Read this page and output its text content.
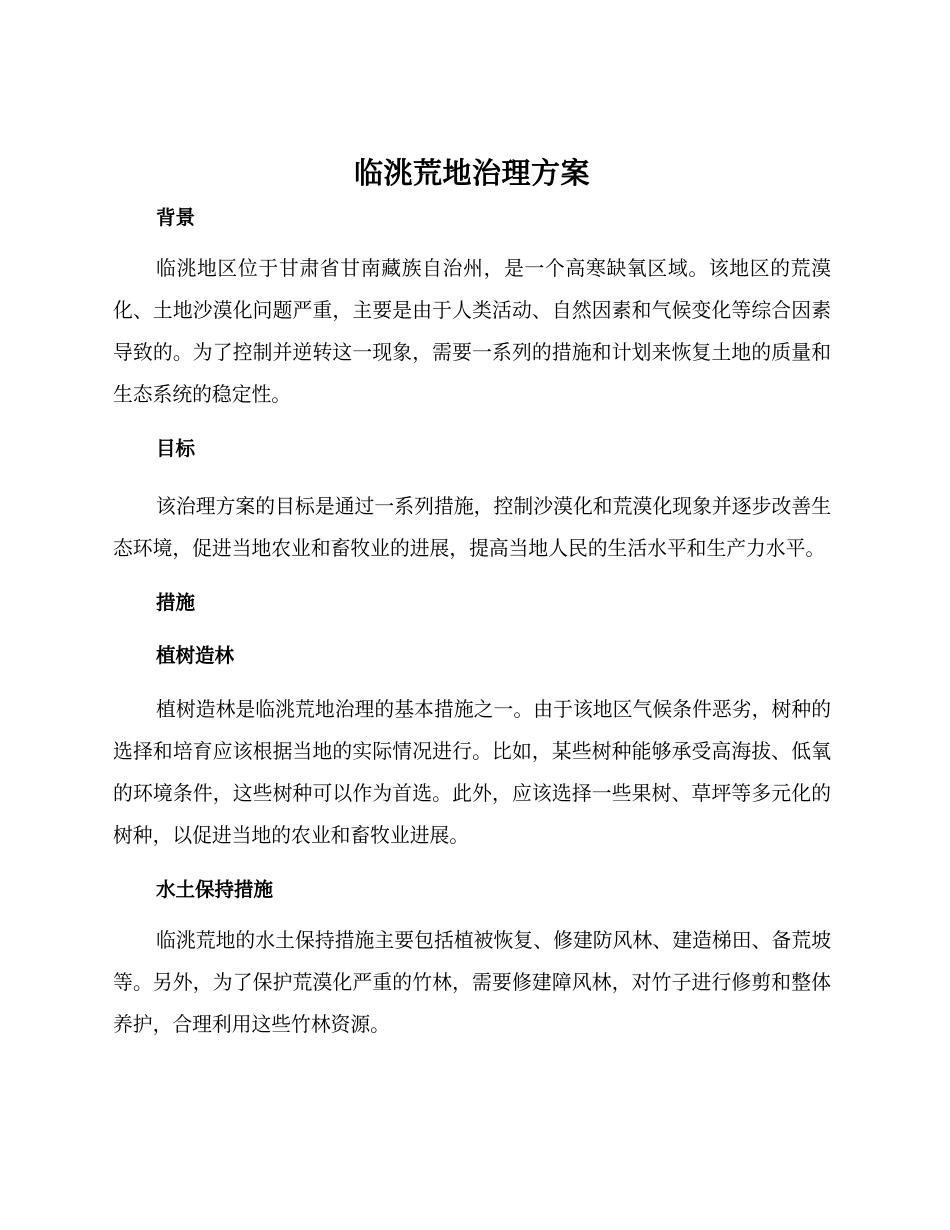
临洮荒地治理方案
背景

临洮地区位于甘肃省甘南藏族自治州，是一个高寒缺氧区域。该地区的荒漠化、土地沙漠化问题严重，主要是由于人类活动、自然因素和气候变化等综合因素导致的。为了控制并逆转这一现象，需要一系列的措施和计划来恢复土地的质量和生态系统的稳定性。

目标

该治理方案的目标是通过一系列措施，控制沙漠化和荒漠化现象并逐步改善生态环境，促进当地农业和畜牧业的进展，提高当地人民的生活水平和生产力水平。

措施
植树造林

植树造林是临洮荒地治理的基本措施之一。由于该地区气候条件恶劣，树种的选择和培育应该根据当地的实际情况进行。比如，某些树种能够承受高海拔、低氧的环境条件，这些树种可以作为首选。此外，应该选择一些果树、草坪等多元化的树种，以促进当地的农业和畜牧业进展。

水土保持措施

临洮荒地的水土保持措施主要包括植被恢复、修建防风林、建造梯田、备荒坡等。另外，为了保护荒漠化严重的竹林，需要修建障风林，对竹子进行修剪和整体养护，合理利用这些竹林资源。
